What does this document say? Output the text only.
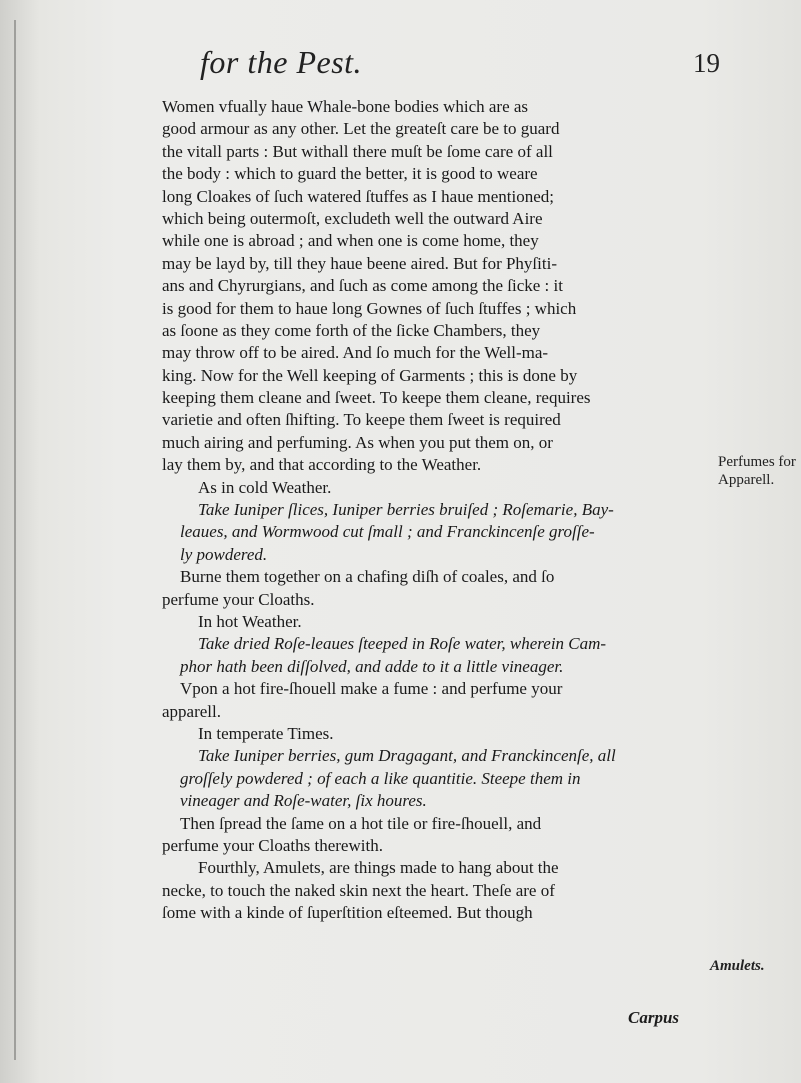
for the Pest.	19
Women vfually haue Whale-bone bodies which are as
good armour as any other. Let the greateſt care be to guard
the vitall parts : But withall there muſt be ſome care of all
the body : which to guard the better, it is good to weare
long Cloakes of ſuch watered ſtuffes as I haue mentioned;
which being outermoſt, excludeth well the outward Aire
while one is abroad ; and when one is come home, they
may be layd by, till they haue beene aired. But for Phyſiti-
ans and Chyrurgians, and ſuch as come among the ſicke : it
is good for them to haue long Gownes of ſuch ſtuffes ; which
as ſoone as they come forth of the ſicke Chambers, they
may throw off to be aired. And ſo much for the Well-ma-
king. Now for the Well keeping of Garments ; this is done by
keeping them cleane and ſweet. To keepe them cleane, requires
varietie and often ſhifting. To keepe them ſweet is required
much airing and perfuming. As when you put them on, or
lay them by, and that according to the Weather.
As in cold Weather.
Take Iuniper ſlices, Iuniper berries bruiſed ; Roſemarie, Bay-
leaues, and Wormwood cut ſmall ; and Franckincenſe groſſe-
ly powdered.
Burne them together on a chafing diſh of coales, and ſo
perfume your Cloaths.
In hot Weather.
Take dried Roſe-leaues ſteeped in Roſe water, wherein Cam-
phor hath been diſſolved, and adde to it a little vineager.
Vpon a hot fire-ſhouell make a fume : and perfume your
apparell.
In temperate Times.
Take Iuniper berries, gum Dragagant, and Franckincenſe, all
groſſely powdered ; of each a like quantitie. Steepe them in
vineager and Roſe-water, ſix houres.
Then ſpread the ſame on a hot tile or fire-ſhouell, and
perfume your Cloaths therewith.
Fourthly, Amulets, are things made to hang about the
necke, to touch the naked skin next the heart. Theſe are of
ſome with a kinde of ſuperſtition eſteemed. But though
Perfumes for Apparell.
Amulets.
Carpus
